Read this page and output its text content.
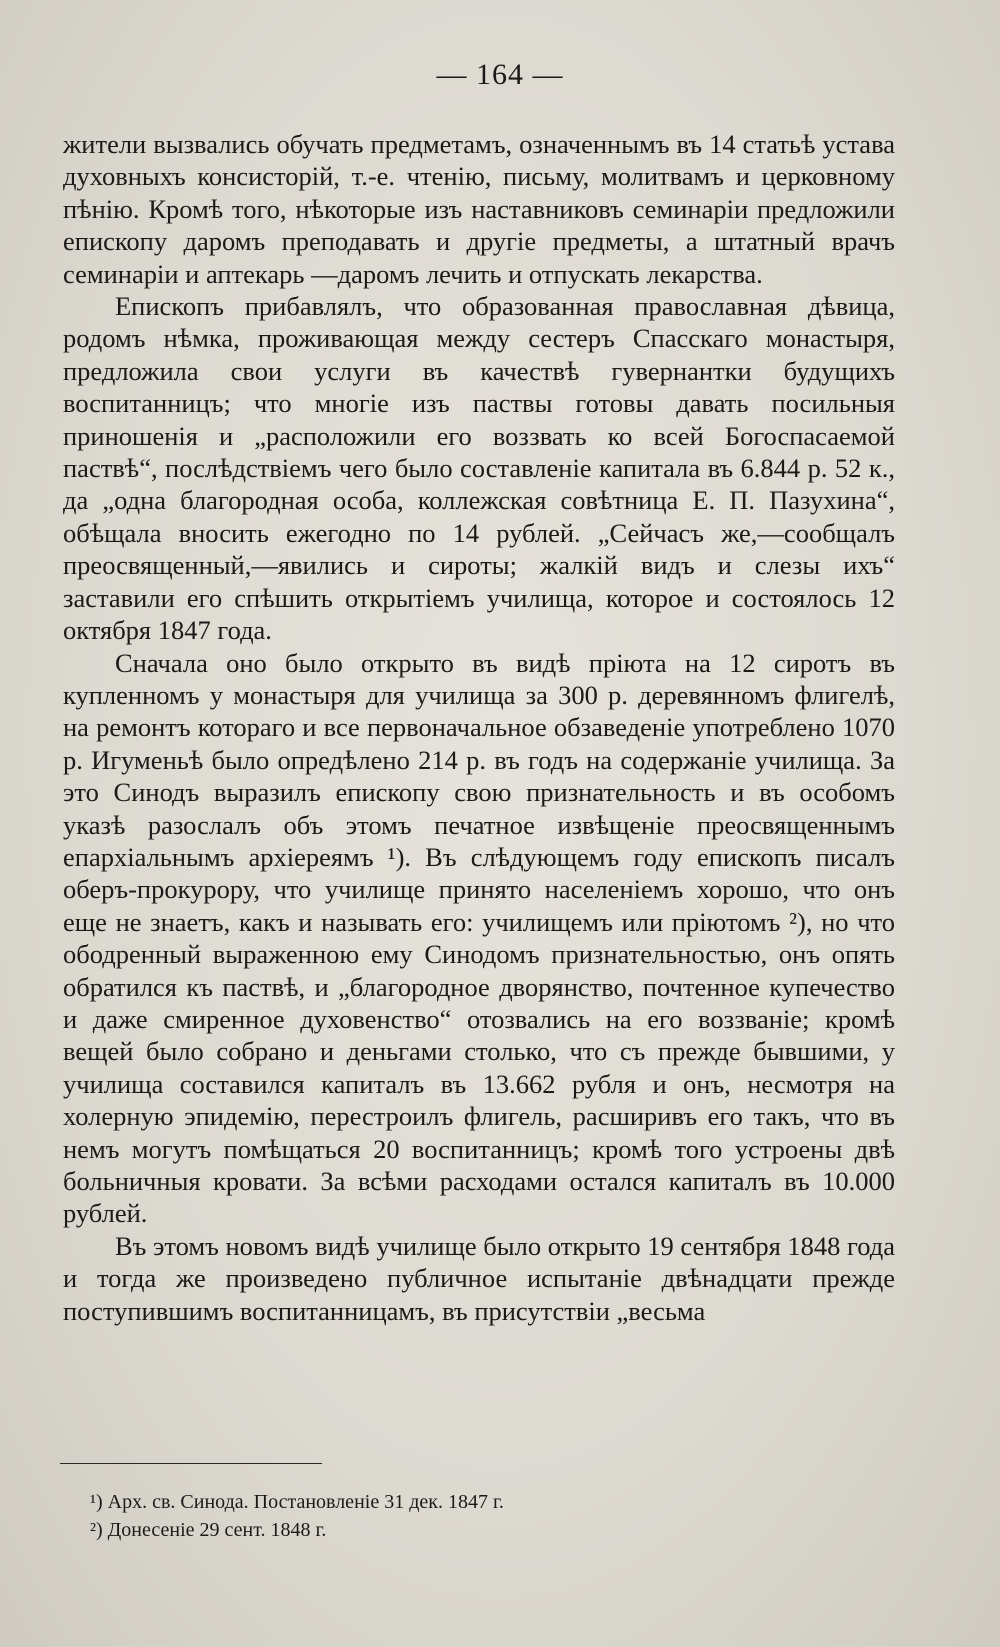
— 164 —

жители вызвались обучать предметамъ, означеннымъ въ 14 статьѣ устава духовныхъ консисторій, т.-е. чтенію, письму, молитвамъ и церковному пѣнію. Кромѣ того, нѣкоторые изъ наставниковъ семинаріи предложили епископу даромъ преподавать и другіе предметы, а штатный врачъ семинаріи и аптекарь —даромъ лечить и отпускать лекарства.

Епископъ прибавлялъ, что образованная православная дѣвица, родомъ нѣмка, проживающая между сестеръ Спасскаго монастыря, предложила свои услуги въ качествѣ гувернантки будущихъ воспитанницъ; что многіе изъ паствы готовы давать посильныя приношенія и „расположили его воззвать ко всей Богоспасаемой паствѣ“, послѣдствіемъ чего было составленіе капитала въ 6.844 р. 52 к., да „одна благородная особа, коллежская совѣтница Е. П. Пазухина“, обѣщала вносить ежегодно по 14 рублей. „Сейчасъ же,—сообщалъ преосвященный,—явились и сироты; жалкій видъ и слезы ихъ“ заставили его спѣшить открытіемъ училища, которое и состоялось 12 октября 1847 года.

Сначала оно было открыто въ видѣ пріюта на 12 сиротъ въ купленномъ у монастыря для училища за 300 р. деревянномъ флигелѣ, на ремонтъ котораго и все первоначальное обзаведеніе употреблено 1070 р. Игуменьѣ было опредѣлено 214 р. въ годъ на содержаніе училища. За это Синодъ выразилъ епископу свою признательность и въ особомъ указѣ разослалъ объ этомъ печатное извѣщеніе преосвященнымъ епархіальнымъ архіереямъ ¹). Въ слѣдующемъ году епископъ писалъ оберъ-прокурору, что училище принято населеніемъ хорошо, что онъ еще не знаетъ, какъ и называть его: училищемъ или пріютомъ ²), но что ободренный выраженною ему Синодомъ признательностью, онъ опять обратился къ паствѣ, и „благородное дворянство, почтенное купечество и даже смиренное духовенство“ отозвались на его воззваніе; кромѣ вещей было собрано и деньгами столько, что съ прежде бывшими, у училища составился капиталъ въ 13.662 рубля и онъ, несмотря на холерную эпидемію, перестроилъ флигель, расширивъ его такъ, что въ немъ могутъ помѣщаться 20 воспитанницъ; кромѣ того устроены двѣ больничныя кровати. За всѣми расходами остался капиталъ въ 10.000 рублей.

Въ этомъ новомъ видѣ училище было открыто 19 сентября 1848 года и тогда же произведено публичное испытаніе двѣнадцати прежде поступившимъ воспитанницамъ, въ присутствіи „весьма

¹) Арх. св. Синода. Постановленіе 31 дек. 1847 г.

²) Донесеніе 29 сент. 1848 г.
